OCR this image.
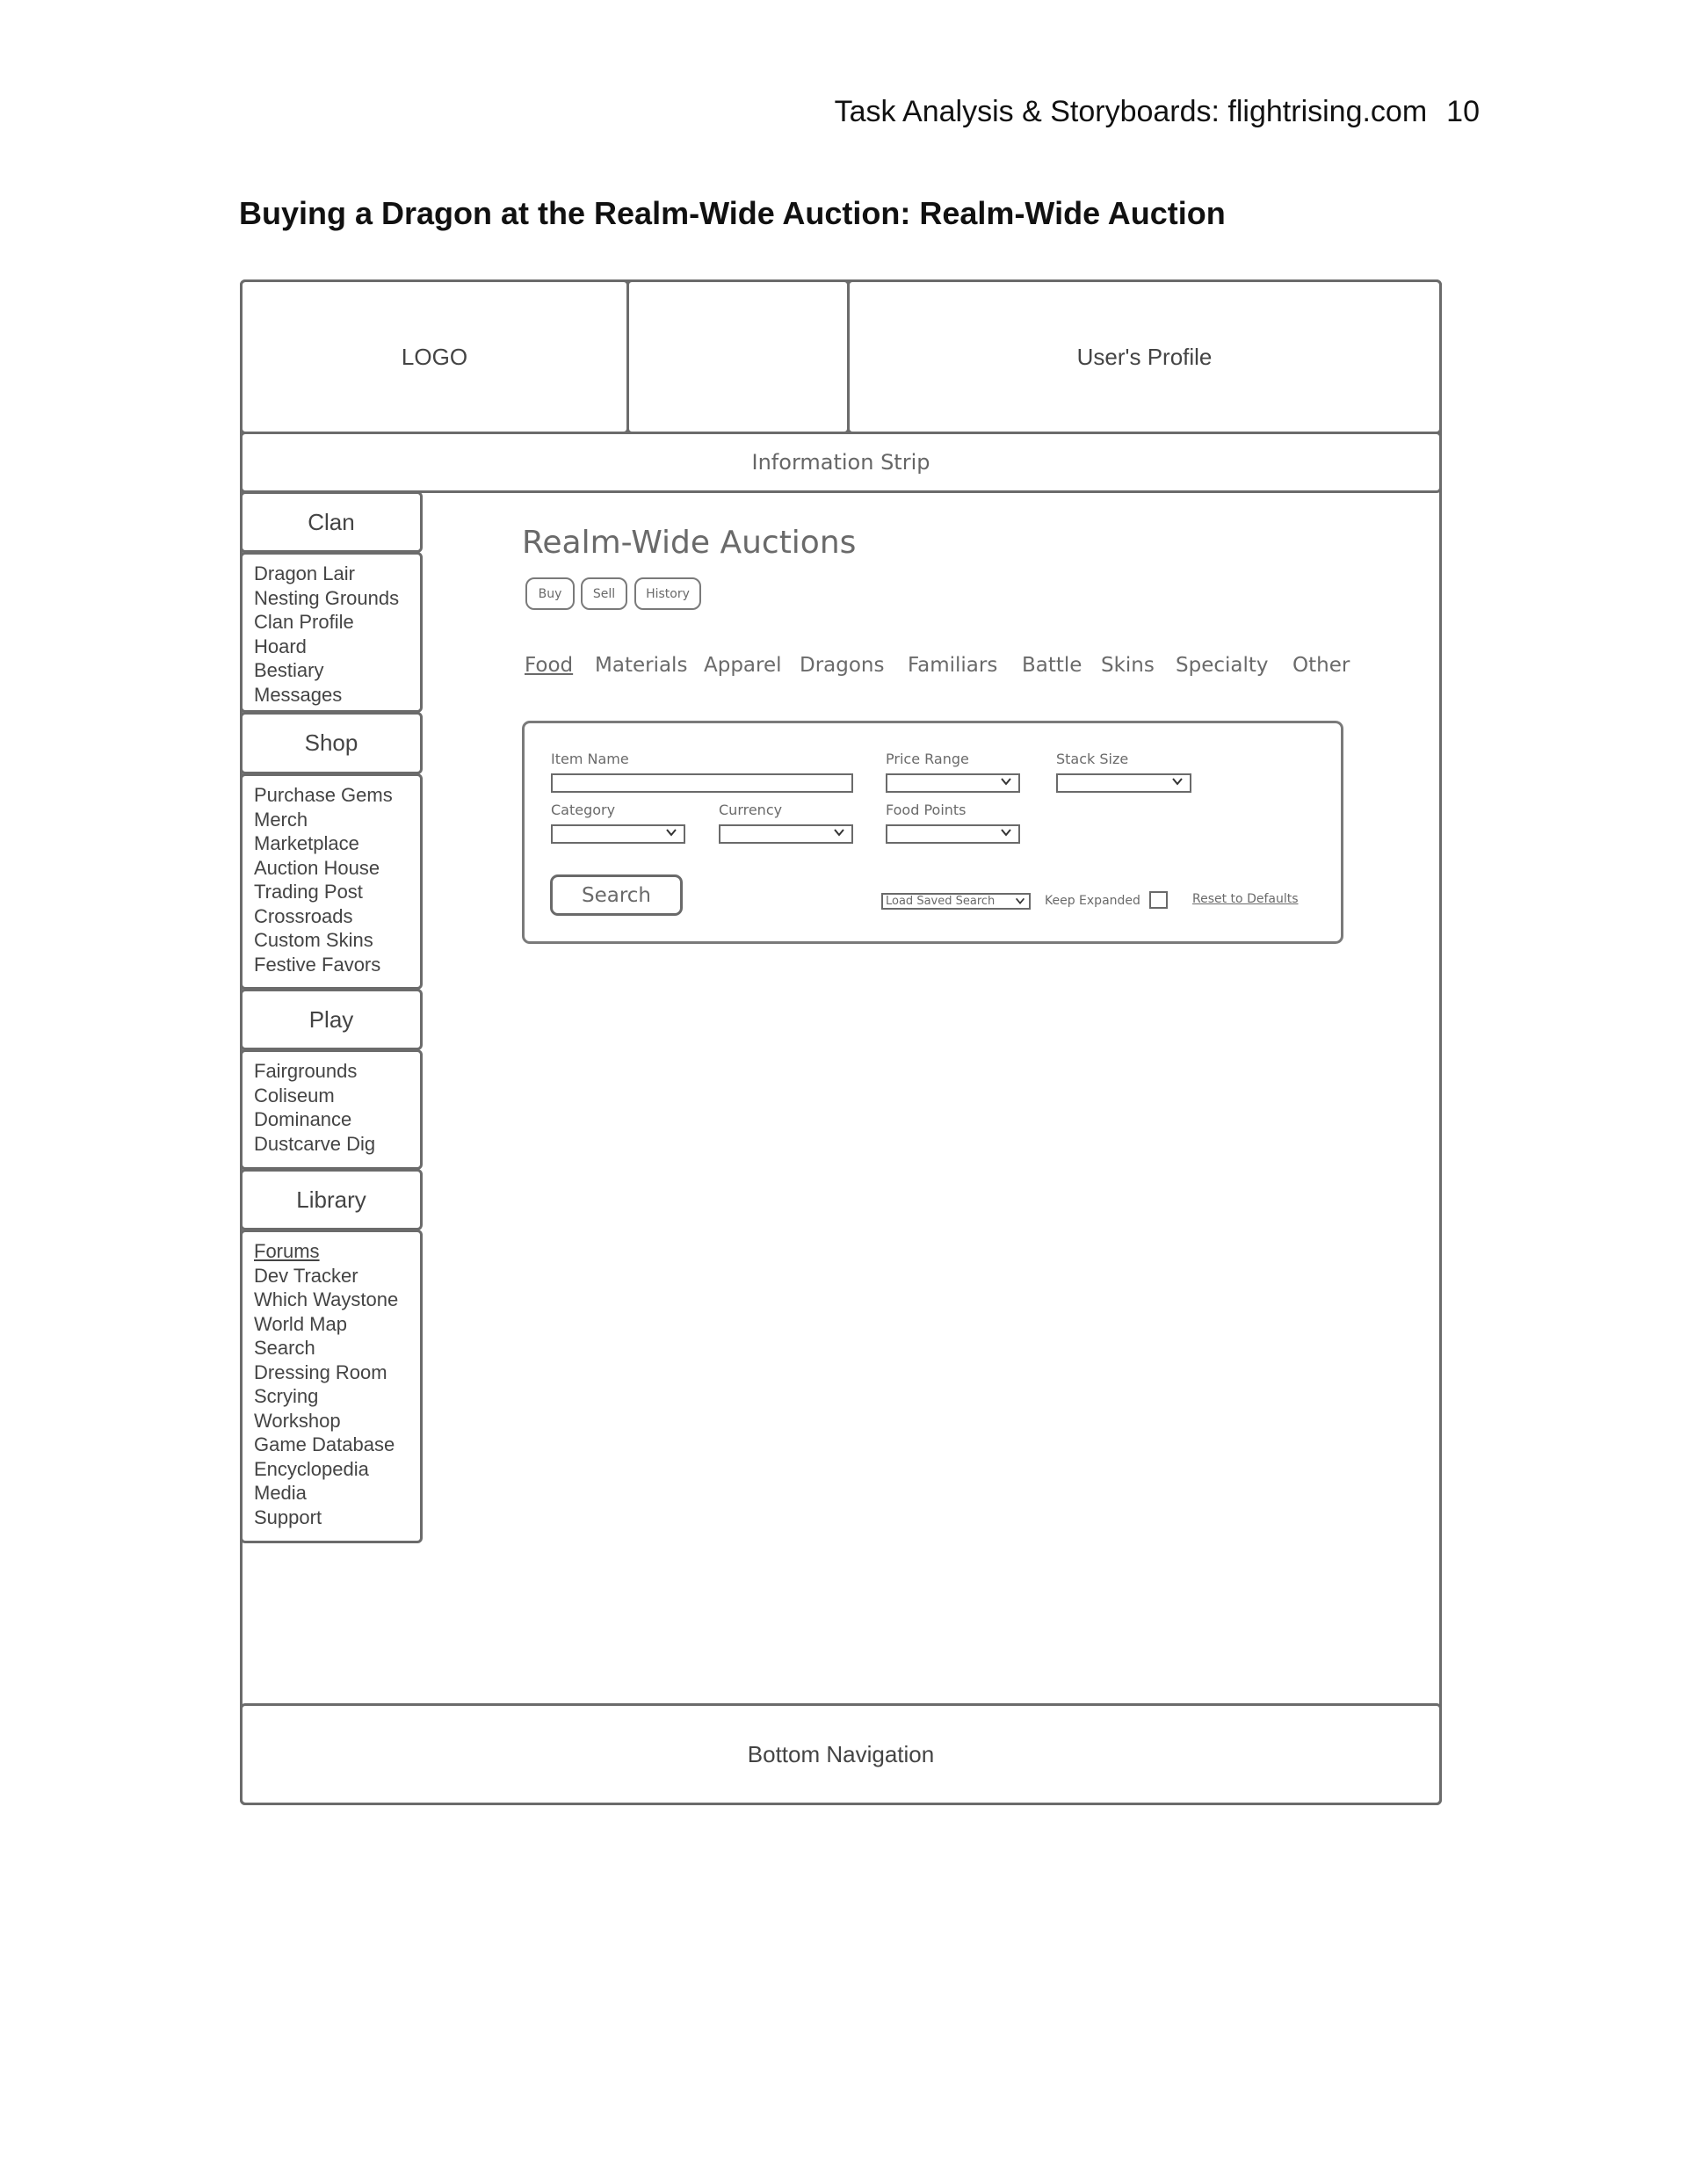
Task Analysis & Storyboards: flightrising.com 10
Buying a Dragon at the Realm-Wide Auction: Realm-Wide Auction
LOGO	User's Profile
Information Strip
Clan
Dragon Lair
Nesting Grounds
Clan Profile
Hoard
Bestiary
Messages
Shop
Purchase Gems
Merch
Marketplace
Auction House
Trading Post
Crossroads
Custom Skins
Festive Favors
Play
Fairgrounds
Coliseum
Dominance
Dustcarve Dig
Library
Forums
Dev Tracker
Which Waystone
World Map
Search
Dressing Room
Scrying
Workshop
Game Database
Encyclopedia
Media
Support
Realm-Wide Auctions
Buy	Sell History
Food Materials Apparel Dragons Familiars Battle Skins Specialty Other
Item Name	Price Range	Stack Size
Category	Currency	Food Points
Search	Load Saved Search	Keep Expanded	Reset to Defaults
Bottom Navigation
